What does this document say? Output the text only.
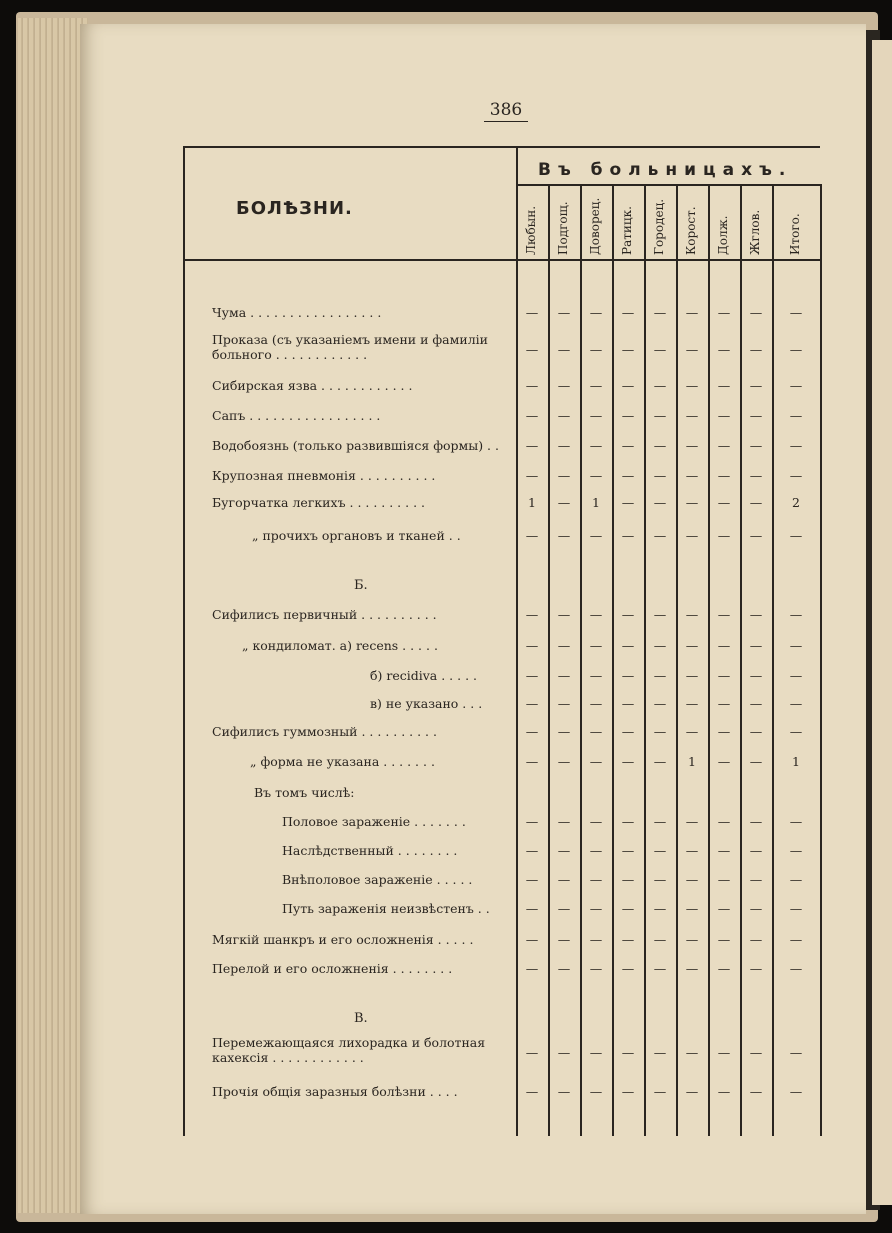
386
БОЛѢЗНИ.
Въ больницахъ.
Любын.	Подгощ.	Доворец.	Ратицк.	Городец.	Корост.	Долж.	Жглов.	Итого.
Чума . . . . . . . . . . . . . . . . .	—	—	—	—	—	—	—	—	—
Проказа (съ указаніемъ имени и фамиліи больного . . . . . . . . . . . .	—	—	—	—	—	—	—	—	—
Сибирская язва . . . . . . . . . . . .	—	—	—	—	—	—	—	—	—
Сапъ . . . . . . . . . . . . . . . . .	—	—	—	—	—	—	—	—	—
Водобоязнь (только развившіяся формы) . .	—	—	—	—	—	—	—	—	—
Крупозная пневмонія . . . . . . . . . .	—	—	—	—	—	—	—	—	—
Бугорчатка легкихъ . . . . . . . . . .	1	—	1	—	—	—	—	—	2
„ прочихъ органовъ и тканей . .	—	—	—	—	—	—	—	—	—
Сифилисъ первичный . . . . . . . . . .	—	—	—	—	—	—	—	—	—
„ кондиломат. а) recens . . . . .	—	—	—	—	—	—	—	—	—
б) recidiva . . . . .	—	—	—	—	—	—	—	—	—
в) не указано . . .	—	—	—	—	—	—	—	—	—
Сифилисъ гуммозный . . . . . . . . . .	—	—	—	—	—	—	—	—	—
„ форма не указана . . . . . . .	—	—	—	—	—	1	—	—	1
Половое зараженіе . . . . . . .	—	—	—	—	—	—	—	—	—
Наслѣдственный . . . . . . . .	—	—	—	—	—	—	—	—	—
Внѣполовое зараженіе . . . . .	—	—	—	—	—	—	—	—	—
Путь зараженія неизвѣстенъ . .	—	—	—	—	—	—	—	—	—
Мягкій шанкръ и его осложненія . . . . .	—	—	—	—	—	—	—	—	—
Перелой и его осложненія . . . . . . . .	—	—	—	—	—	—	—	—	—
Перемежающаяся лихорадка и болотная кахексія . . . . . . . . . . . .	—	—	—	—	—	—	—	—	—
Прочія общія заразныя болѣзни . . . .	—	—	—	—	—	—	—	—	—
Б.
Въ томъ числѣ:
В.
